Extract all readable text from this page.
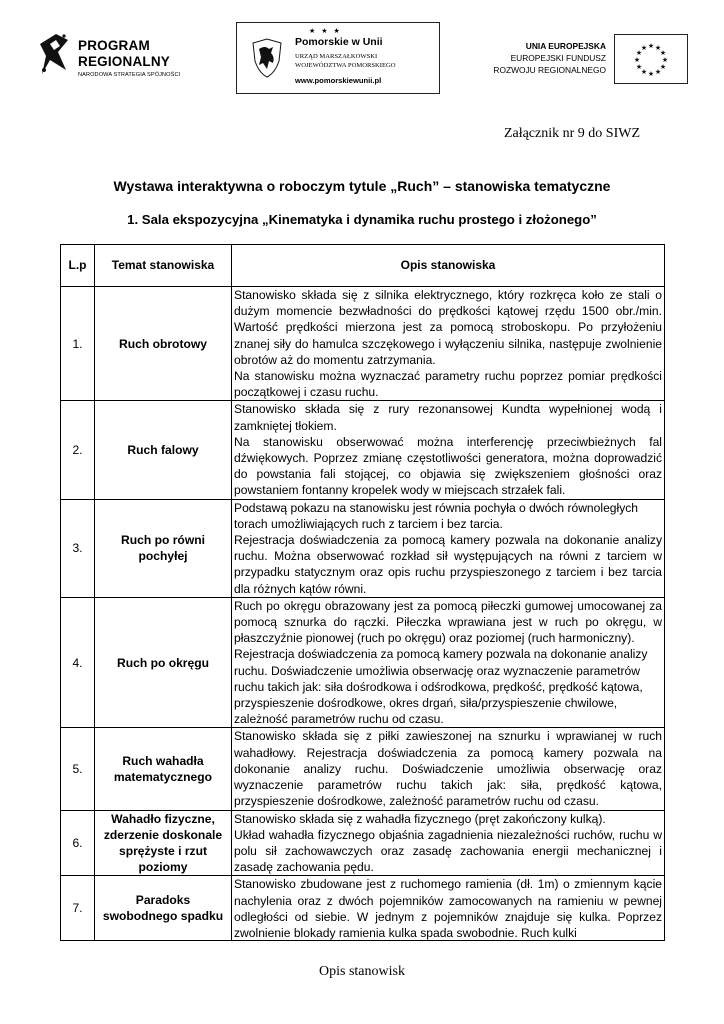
PROGRAM
REGIONALNY
NARODOWA STRATEGIA SPÓJNOŚCI
★ ★ ★
Pomorskie w Unii
URZĄD MARSZAŁKOWSKI
WOJEWÓDZTWA POMORSKIEGO
www.pomorskiewunii.pl
UNIA EUROPEJSKA
EUROPEJSKI FUNDUSZ
ROZWOJU REGIONALNEGO
★ ★
★
★
★
★
★
★
★
★
★
★
Załącznik nr 9 do SIWZ
Wystawa interaktywna o roboczym tytule „Ruch” – stanowiska tematyczne
1. Sala ekspozycyjna „Kinematyka i dynamika ruchu prostego i złożonego”
L.p	Temat stanowiska	Opis stanowiska
1.	Ruch obrotowy	Stanowisko składa się z silnika elektrycznego, który rozkręca koło ze stali o dużym momencie bezwładności do prędkości kątowej rzędu 1500 obr./min. Wartość prędkości mierzona jest za pomocą stroboskopu. Po przyłożeniu znanej siły do hamulca szczękowego i wyłączeniu silnika, następuje zwolnienie obrotów aż do momentu zatrzymania.

Na stanowisku można wyznaczać parametry ruchu poprzez pomiar prędkości początkowej i czasu ruchu.

2.	Ruch falowy	Stanowisko składa się z rury rezonansowej Kundta wypełnionej wodą i zamkniętej tłokiem.

Na stanowisku obserwować można interferencję przeciwbieżnych fal dźwiękowych. Poprzez zmianę częstotliwości generatora, można doprowadzić do powstania fali stojącej, co objawia się zwiększeniem głośności oraz powstaniem fontanny kropelek wody w miejscach strzałek fali.

3.	Ruch po równi pochyłej	Podstawą pokazu na stanowisku jest równia pochyła o dwóch równoległych torach umożliwiających ruch z tarciem i bez tarcia.

Rejestracja doświadczenia za pomocą kamery pozwala na dokonanie analizy ruchu. Można obserwować rozkład sił występujących na równi z tarciem w przypadku statycznym oraz opis ruchu przyspieszonego z tarciem i bez tarcia dla różnych kątów równi.

4.	Ruch po okręgu	Ruch po okręgu obrazowany jest za pomocą piłeczki gumowej umocowanej za pomocą sznurka do rączki. Piłeczka wprawiana jest w ruch po okręgu, w płaszczyźnie pionowej (ruch po okręgu) oraz poziomej (ruch harmoniczny).

Rejestracja doświadczenia za pomocą kamery pozwala na dokonanie analizy ruchu. Doświadczenie umożliwia obserwację oraz wyznaczenie parametrów ruchu takich jak: siła dośrodkowa i odśrodkowa, prędkość, prędkość kątowa, przyspieszenie dośrodkowe, okres drgań, siła/przyspieszenie chwilowe, zależność parametrów ruchu od czasu.

5.	Ruch wahadła matematycznego	Stanowisko składa się z piłki zawieszonej na sznurku i wprawianej w ruch wahadłowy. Rejestracja doświadczenia za pomocą kamery pozwala na dokonanie analizy ruchu. Doświadczenie umożliwia obserwację oraz wyznaczenie parametrów ruchu takich jak: siła, prędkość kątowa, przyspieszenie dośrodkowe, zależność parametrów ruchu od czasu.

6.	Wahadło fizyczne, zderzenie doskonale sprężyste i rzut poziomy	Stanowisko składa się z wahadła fizycznego (pręt zakończony kulką).

Układ wahadła fizycznego objaśnia zagadnienia niezależności ruchów, ruchu w polu sił zachowawczych oraz zasadę zachowania energii mechanicznej i zasadę zachowania pędu.

7.	Paradoks swobodnego spadku	Stanowisko zbudowane jest z ruchomego ramienia (dł. 1m) o zmiennym kącie nachylenia oraz z dwóch pojemników zamocowanych na ramieniu w pewnej odległości od siebie. W jednym z pojemników znajduje się kulka. Poprzez zwolnienie blokady ramienia kulka spada swobodnie. Ruch kulki

Opis stanowisk
